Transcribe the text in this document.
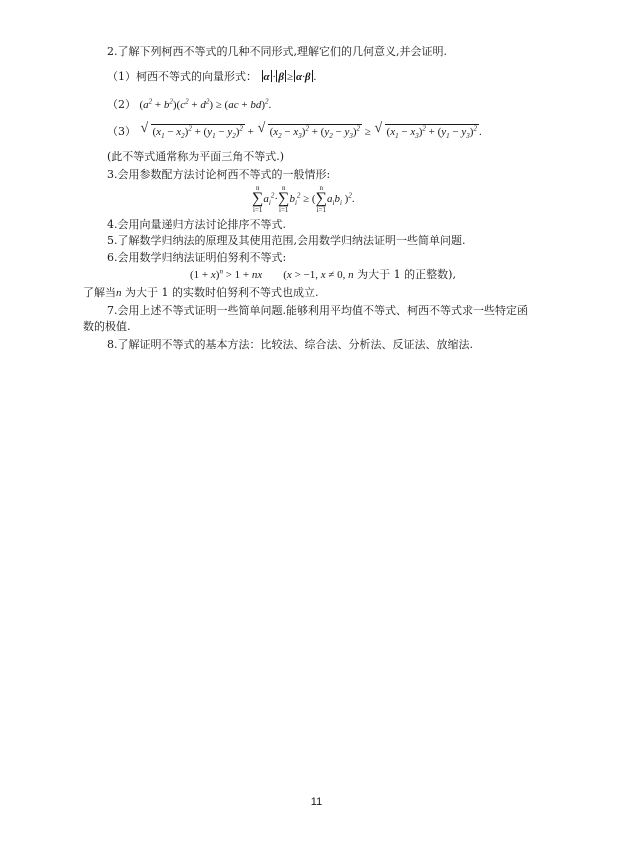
2.了解下列柯西不等式的几种不同形式,理解它们的几何意义,并会证明.
（1）柯西不等式的向量形式： α · β ≥ α·β .
（2） $(a^2 + b^2)(c^2 + d^2) \ge (ac + bd)^2$.
（3） √ $(x_1 - x_2)^2 + (y_1 - y_2)^2$ + √ $(x_2 - x_3)^2 + (y_2 - y_3)^2$ ≥ √ $(x_1 - x_3)^2 + (y_1 - y_3)^2$ .
(此不等式通常称为平面三角不等式.)
3.会用参数配方法讨论柯西不等式的一般情形:
n
∑
i=1
$a_i^2\cdot$
n
∑
i=1
$b_i^2$ ≥ (
n
∑
i=1
$a_ib_i$ )$^2$.
4.会用向量递归方法讨论排序不等式.
5.了解数学归纳法的原理及其使用范围,会用数学归纳法证明一些简单问题.
6.会用数学归纳法证明伯努利不等式:
$(1 + x)^n > 1$ + nx (x > −1, x ≠ 0, n 为大于 1 的正整数),
了解当n 为大于 1 的实数时伯努利不等式也成立.
7.会用上述不等式证明一些简单问题.能够利用平均值不等式、柯西不等式求一些特定函
数的极值.
8.了解证明不等式的基本方法：比较法、综合法、分析法、反证法、放缩法.
11
